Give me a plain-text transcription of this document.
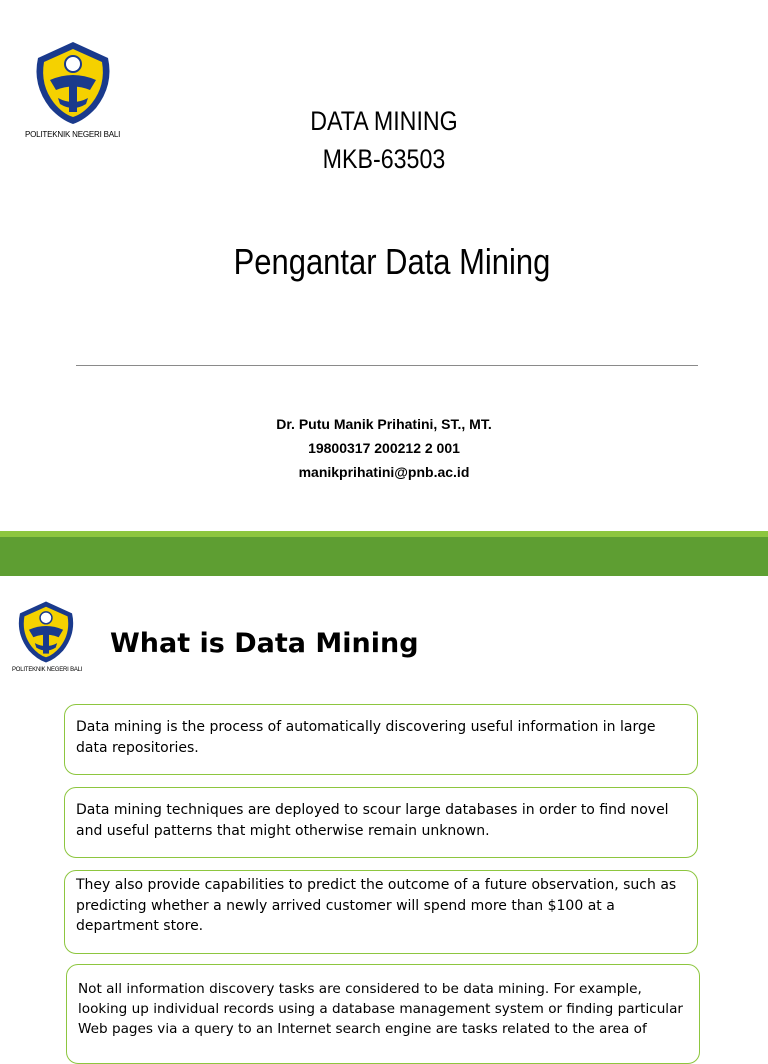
POLITEKNIK NEGERI BALI	DATA MINING
MKB-63503
Pengantar Data Mining
Dr. Putu Manik Prihatini, ST., MT.
19800317 200212 2 001
manikprihatini@pnb.ac.id
POLITEKNIK NEGERI BALI
What is Data Mining

Data mining is the process of automatically discovering useful information in large data repositories.

Data mining techniques are deployed to scour large databases in order to find novel and useful patterns that might otherwise remain unknown.

They also provide capabilities to predict the outcome of a future observation, such as predicting whether a newly arrived customer will spend more than $100 at a department store.

Not all information discovery tasks are considered to be data mining. For example, looking up individual records using a database management system or finding particular Web pages via a query to an Internet search engine are tasks related to the area of
